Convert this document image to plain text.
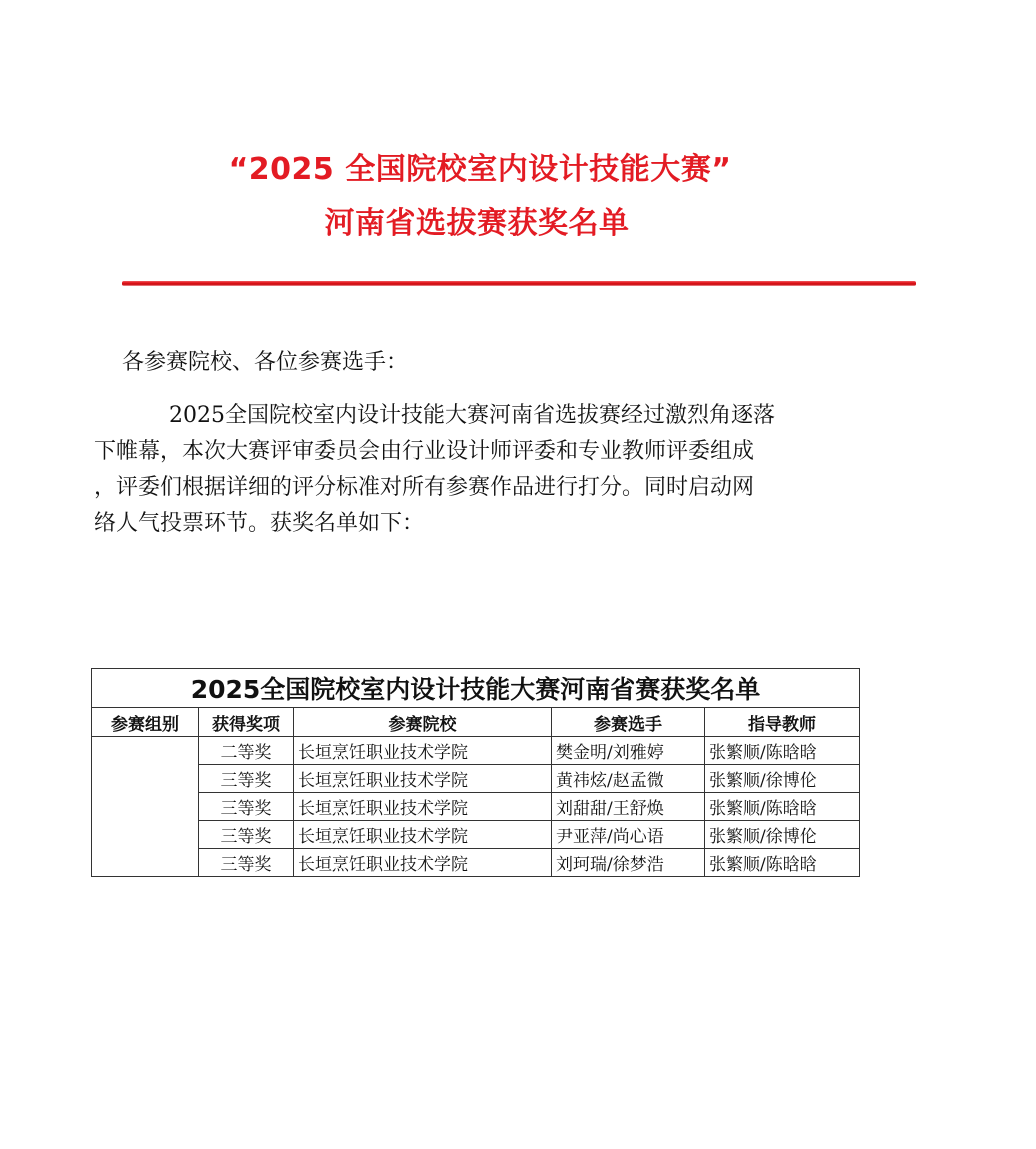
“2025 全国院校室内设计技能大赛”
河南省选拔赛获奖名单
各参赛院校、各位参赛选手：
2025全国院校室内设计技能大赛河南省选拔赛经过激烈角逐落
下帷幕，本次大赛评审委员会由行业设计师评委和专业教师评委组成
，评委们根据详细的评分标准对所有参赛作品进行打分。同时启动网
络人气投票环节。获奖名单如下：
2025全国院校室内设计技能大赛河南省赛获奖名单				
参赛组别	获得奖项	参赛院校	参赛选手	指导教师
	二等奖	长垣烹饪职业技术学院	樊金明/刘雅婷	张繁顺/陈晗晗
	三等奖	长垣烹饪职业技术学院	黄祎炫/赵孟微	张繁顺/徐博伦
	三等奖	长垣烹饪职业技术学院	刘甜甜/王舒焕	张繁顺/陈晗晗
	三等奖	长垣烹饪职业技术学院	尹亚萍/尚心语	张繁顺/徐博伦
	三等奖	长垣烹饪职业技术学院	刘珂瑞/徐梦浩	张繁顺/陈晗晗
